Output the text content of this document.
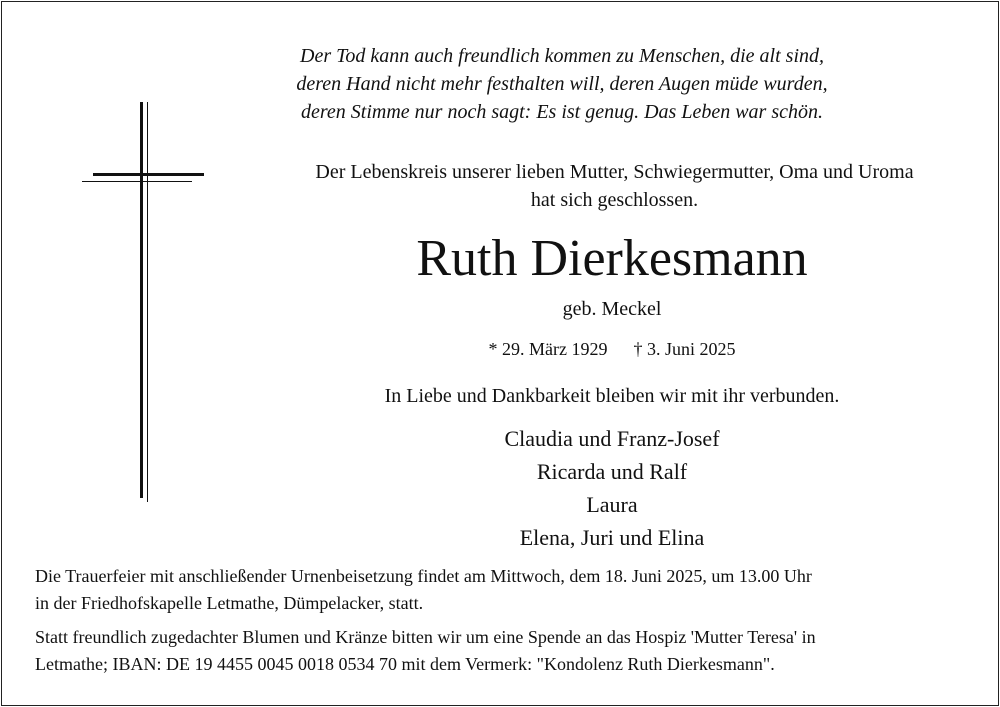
Der Tod kann auch freundlich kommen zu Menschen, die alt sind,
deren Hand nicht mehr festhalten will, deren Augen müde wurden,
deren Stimme nur noch sagt: Es ist genug. Das Leben war schön.
Der Lebenskreis unserer lieben Mutter, Schwiegermutter, Oma und Uroma
hat sich geschlossen.
Ruth Dierkesmann
geb. Meckel
* 29. März 1929 † 3. Juni 2025
In Liebe und Dankbarkeit bleiben wir mit ihr verbunden.
Claudia und Franz-Josef
Ricarda und Ralf
Laura
Elena, Juri und Elina
Die Trauerfeier mit anschließender Urnenbeisetzung findet am Mittwoch, dem 18. Juni 2025, um 13.00 Uhr
in der Friedhofskapelle Letmathe, Dümpelacker, statt.
Statt freundlich zugedachter Blumen und Kränze bitten wir um eine Spende an das Hospiz 'Mutter Teresa' in
Letmathe; IBAN: DE 19 4455 0045 0018 0534 70 mit dem Vermerk: "Kondolenz Ruth Dierkesmann".
